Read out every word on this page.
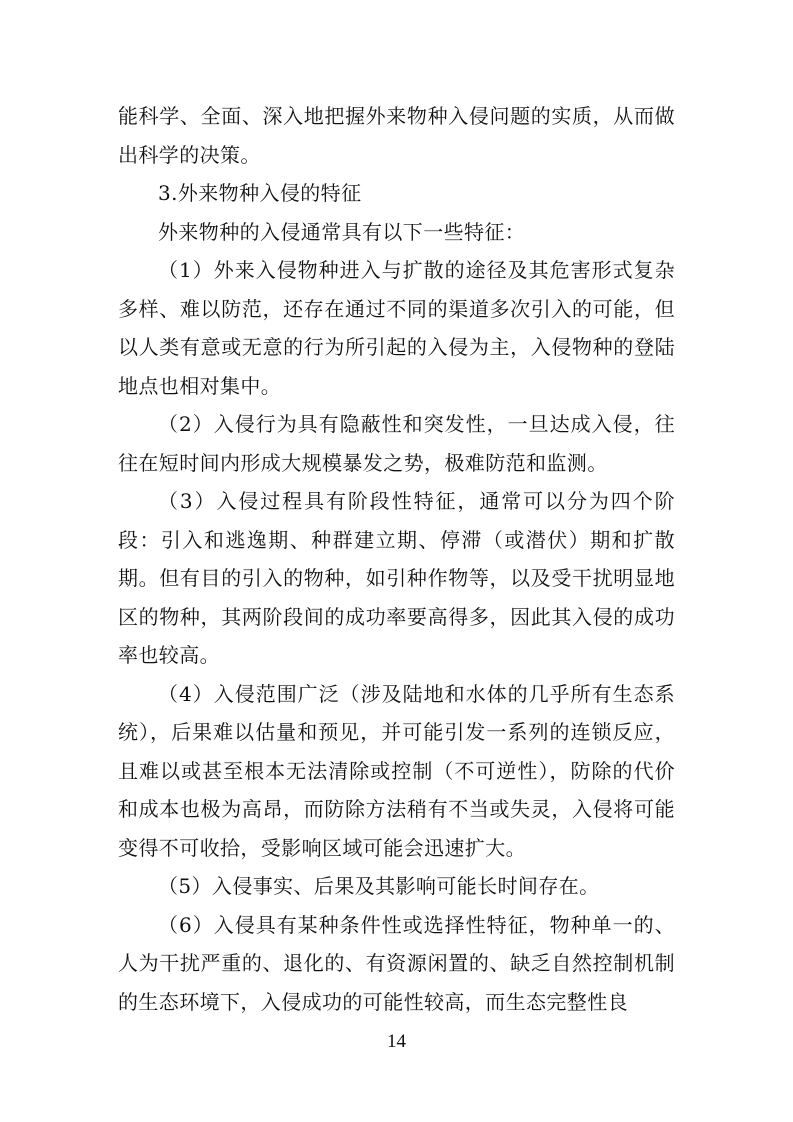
能科学、全面、深入地把握外来物种入侵问题的实质，从而做出科学的决策。

3.外来物种入侵的特征

外来物种的入侵通常具有以下一些特征：

（1）外来入侵物种进入与扩散的途径及其危害形式复杂多样、难以防范，还存在通过不同的渠道多次引入的可能，但以人类有意或无意的行为所引起的入侵为主，入侵物种的登陆地点也相对集中。

（2）入侵行为具有隐蔽性和突发性，一旦达成入侵，往往在短时间内形成大规模暴发之势，极难防范和监测。

（3）入侵过程具有阶段性特征，通常可以分为四个阶段：引入和逃逸期、种群建立期、停滞（或潜伏）期和扩散期。但有目的引入的物种，如引种作物等，以及受干扰明显地区的物种，其两阶段间的成功率要高得多，因此其入侵的成功率也较高。

（4）入侵范围广泛（涉及陆地和水体的几乎所有生态系统），后果难以估量和预见，并可能引发一系列的连锁反应，且难以或甚至根本无法清除或控制（不可逆性），防除的代价和成本也极为高昂，而防除方法稍有不当或失灵，入侵将可能变得不可收拾，受影响区域可能会迅速扩大。

（5）入侵事实、后果及其影响可能长时间存在。

（6）入侵具有某种条件性或选择性特征，物种单一的、人为干扰严重的、退化的、有资源闲置的、缺乏自然控制机制的生态环境下，入侵成功的可能性较高，而生态完整性良

14
